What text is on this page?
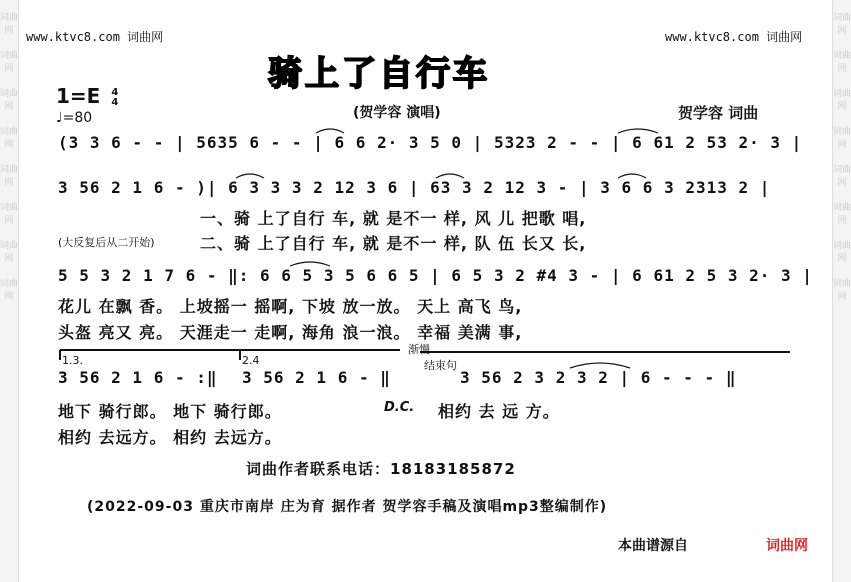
词曲网
词曲网
词曲网
词曲网
词曲网
词曲网
词曲网
词曲网
词曲网
词曲网
词曲网
词曲网
词曲网
词曲网
词曲网
词曲网
www.ktvc8.com 词曲网	www.ktvc8.com 词曲网
骑上了自行车
1=E 4
4
♩=80	(贺学容 演唱)	贺学容 词曲
(3 3 6 - - | 5635 6 - - | 6 6 2· 3 5 0 | 5323 2 - - | 6 61 2 53 2· 3 |
3 56 2 1 6 - )| 6 3 3 3 2 12 3 6 | 63 3 2 12 3 - | 3 6 6 3 2313 2 |
一、骑 上了自行 车, 就 是不一 样, 风 儿 把歌 唱,
(大反复后从二开始)	二、骑 上了自行 车, 就 是不一 样, 队 伍 长又 长,
5 5 3 2 1 7 6 - ‖: 6 6 5 3 5 6 6 5 | 6 5 3 2 #4 3 - | 6 61 2 5 3 2· 3 |
花儿 在飘 香。 上坡摇一 摇啊, 下坡 放一放。 天上 高飞 鸟,
头盔 亮又 亮。 天涯走一 走啊, 海角 浪一浪。 幸福 美满 事,
1.3.	2.4
渐慢
结束句
3 56 2 1 6 - :‖ 3 56 2 1 6 - ‖	3 56 2 3 2 3 2 | 6 - - - ‖
地下 骑行郎。 地下 骑行郎。	D.C. 相约 去 远 方。
相约 去远方。 相约 去远方。
词曲作者联系电话：18183185872
(2022-09-03 重庆市南岸 庄为育 据作者 贺学容手稿及演唱mp3整编制作)
本曲谱源自	词曲网
